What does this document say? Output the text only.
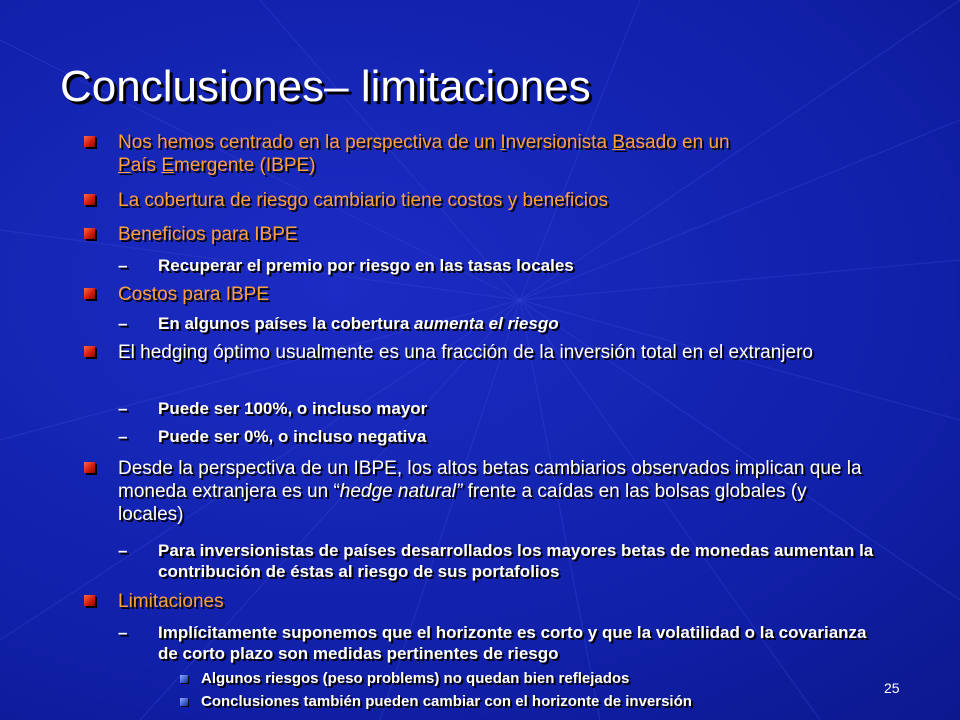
Conclusiones– limitaciones
Nos hemos centrado en la perspectiva de un Inversionista Basado en un
País Emergente (IBPE)
La cobertura de riesgo cambiario tiene costos y beneficios
Beneficios para IBPE
–	Recuperar el premio por riesgo en las tasas locales
Costos para IBPE
–	En algunos países la cobertura aumenta el riesgo
El hedging óptimo usualmente es una fracción de la inversión total en el extranjero
–	Puede ser 100%, o incluso mayor
–	Puede ser 0%, o incluso negativa
Desde la perspectiva de un IBPE, los altos betas cambiarios observados implican que la moneda extranjera es un “hedge natural” frente a caídas en las bolsas globales (y locales)
–	Para inversionistas de países desarrollados los mayores betas de monedas aumentan la contribución de éstas al riesgo de sus portafolios
Limitaciones
–	Implícitamente suponemos que el horizonte es corto y que la volatilidad o la covarianza de corto plazo son medidas pertinentes de riesgo
Algunos riesgos (peso problems) no quedan bien reflejados
Conclusiones también pueden cambiar con el horizonte de inversión
25
